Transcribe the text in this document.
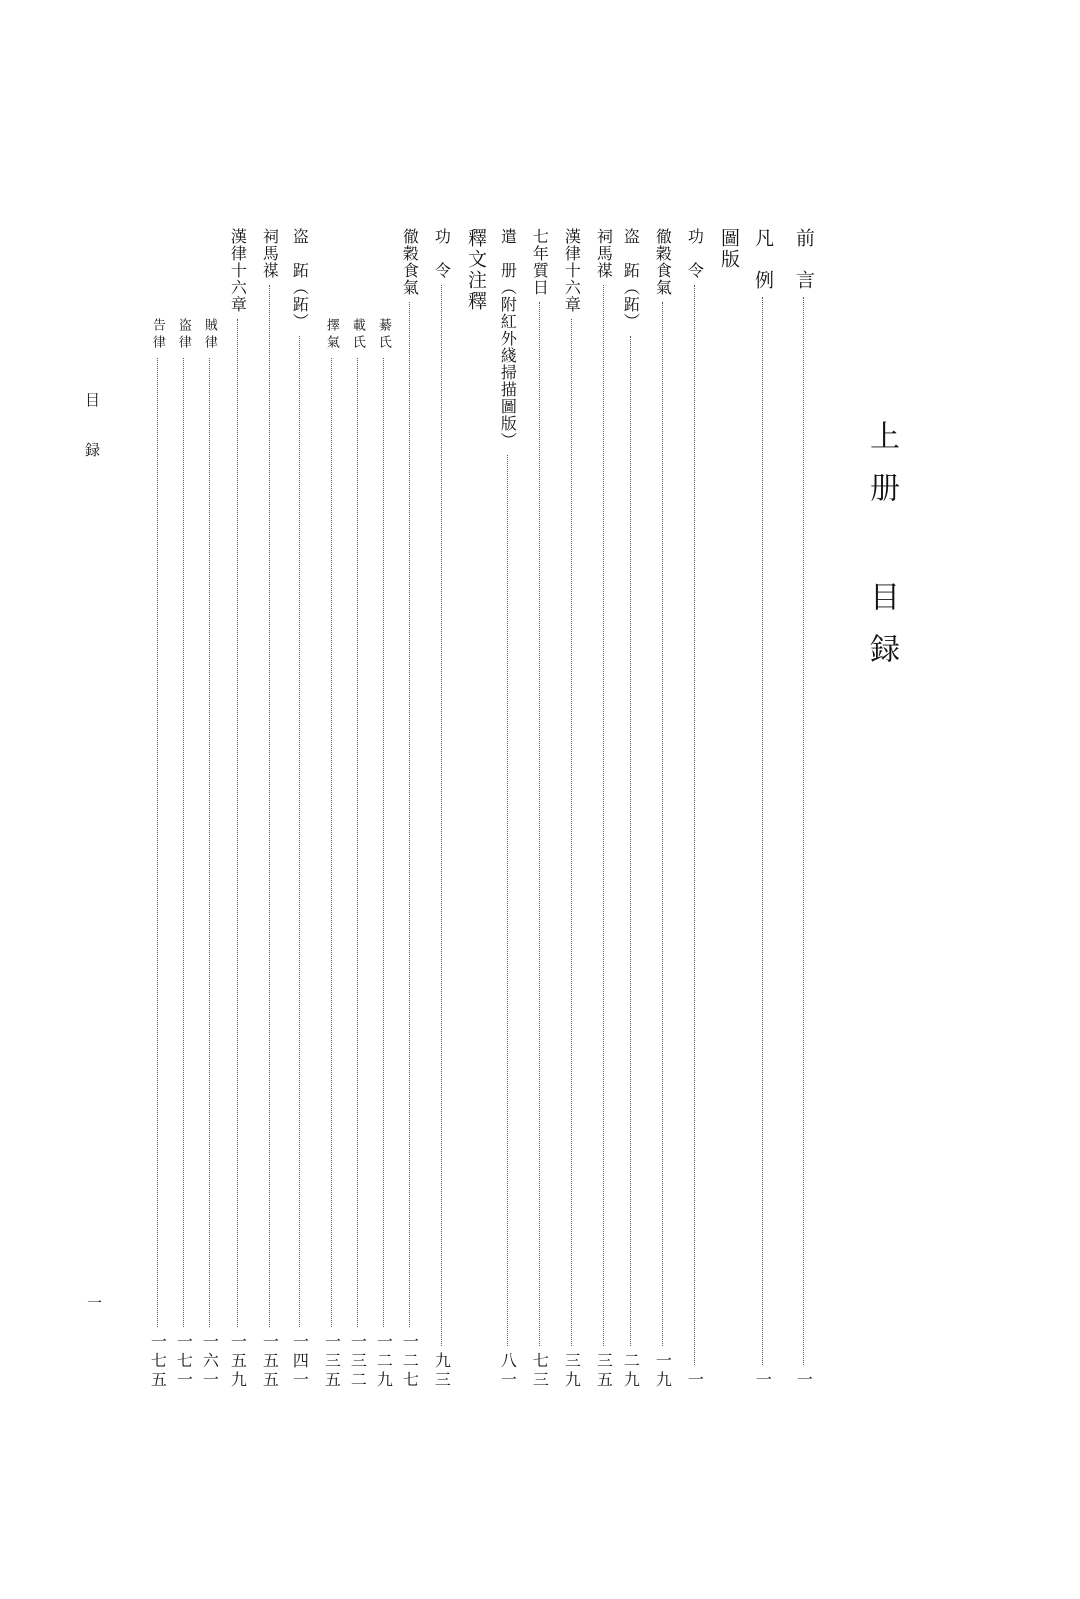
上册 目録
目　録
一
前　言
一
凡　例
一
圖版
功　令
一
徹穀食氣
一九
盗　跖（跖）
二九
祠馬禖
三五
漢律十六章
三九
七年質日
七三
遣　册（附紅外綫掃描圖版）
八一
釋文注釋
功　令
九三
徹穀食氣
一二七
綦氏
一二九
載氏
一三二
擇氣
一三五
盗　跖（跖）
一四一
祠馬禖
一五五
漢律十六章
一五九
賊律
一六一
盗律
一七一
告律
一七五
